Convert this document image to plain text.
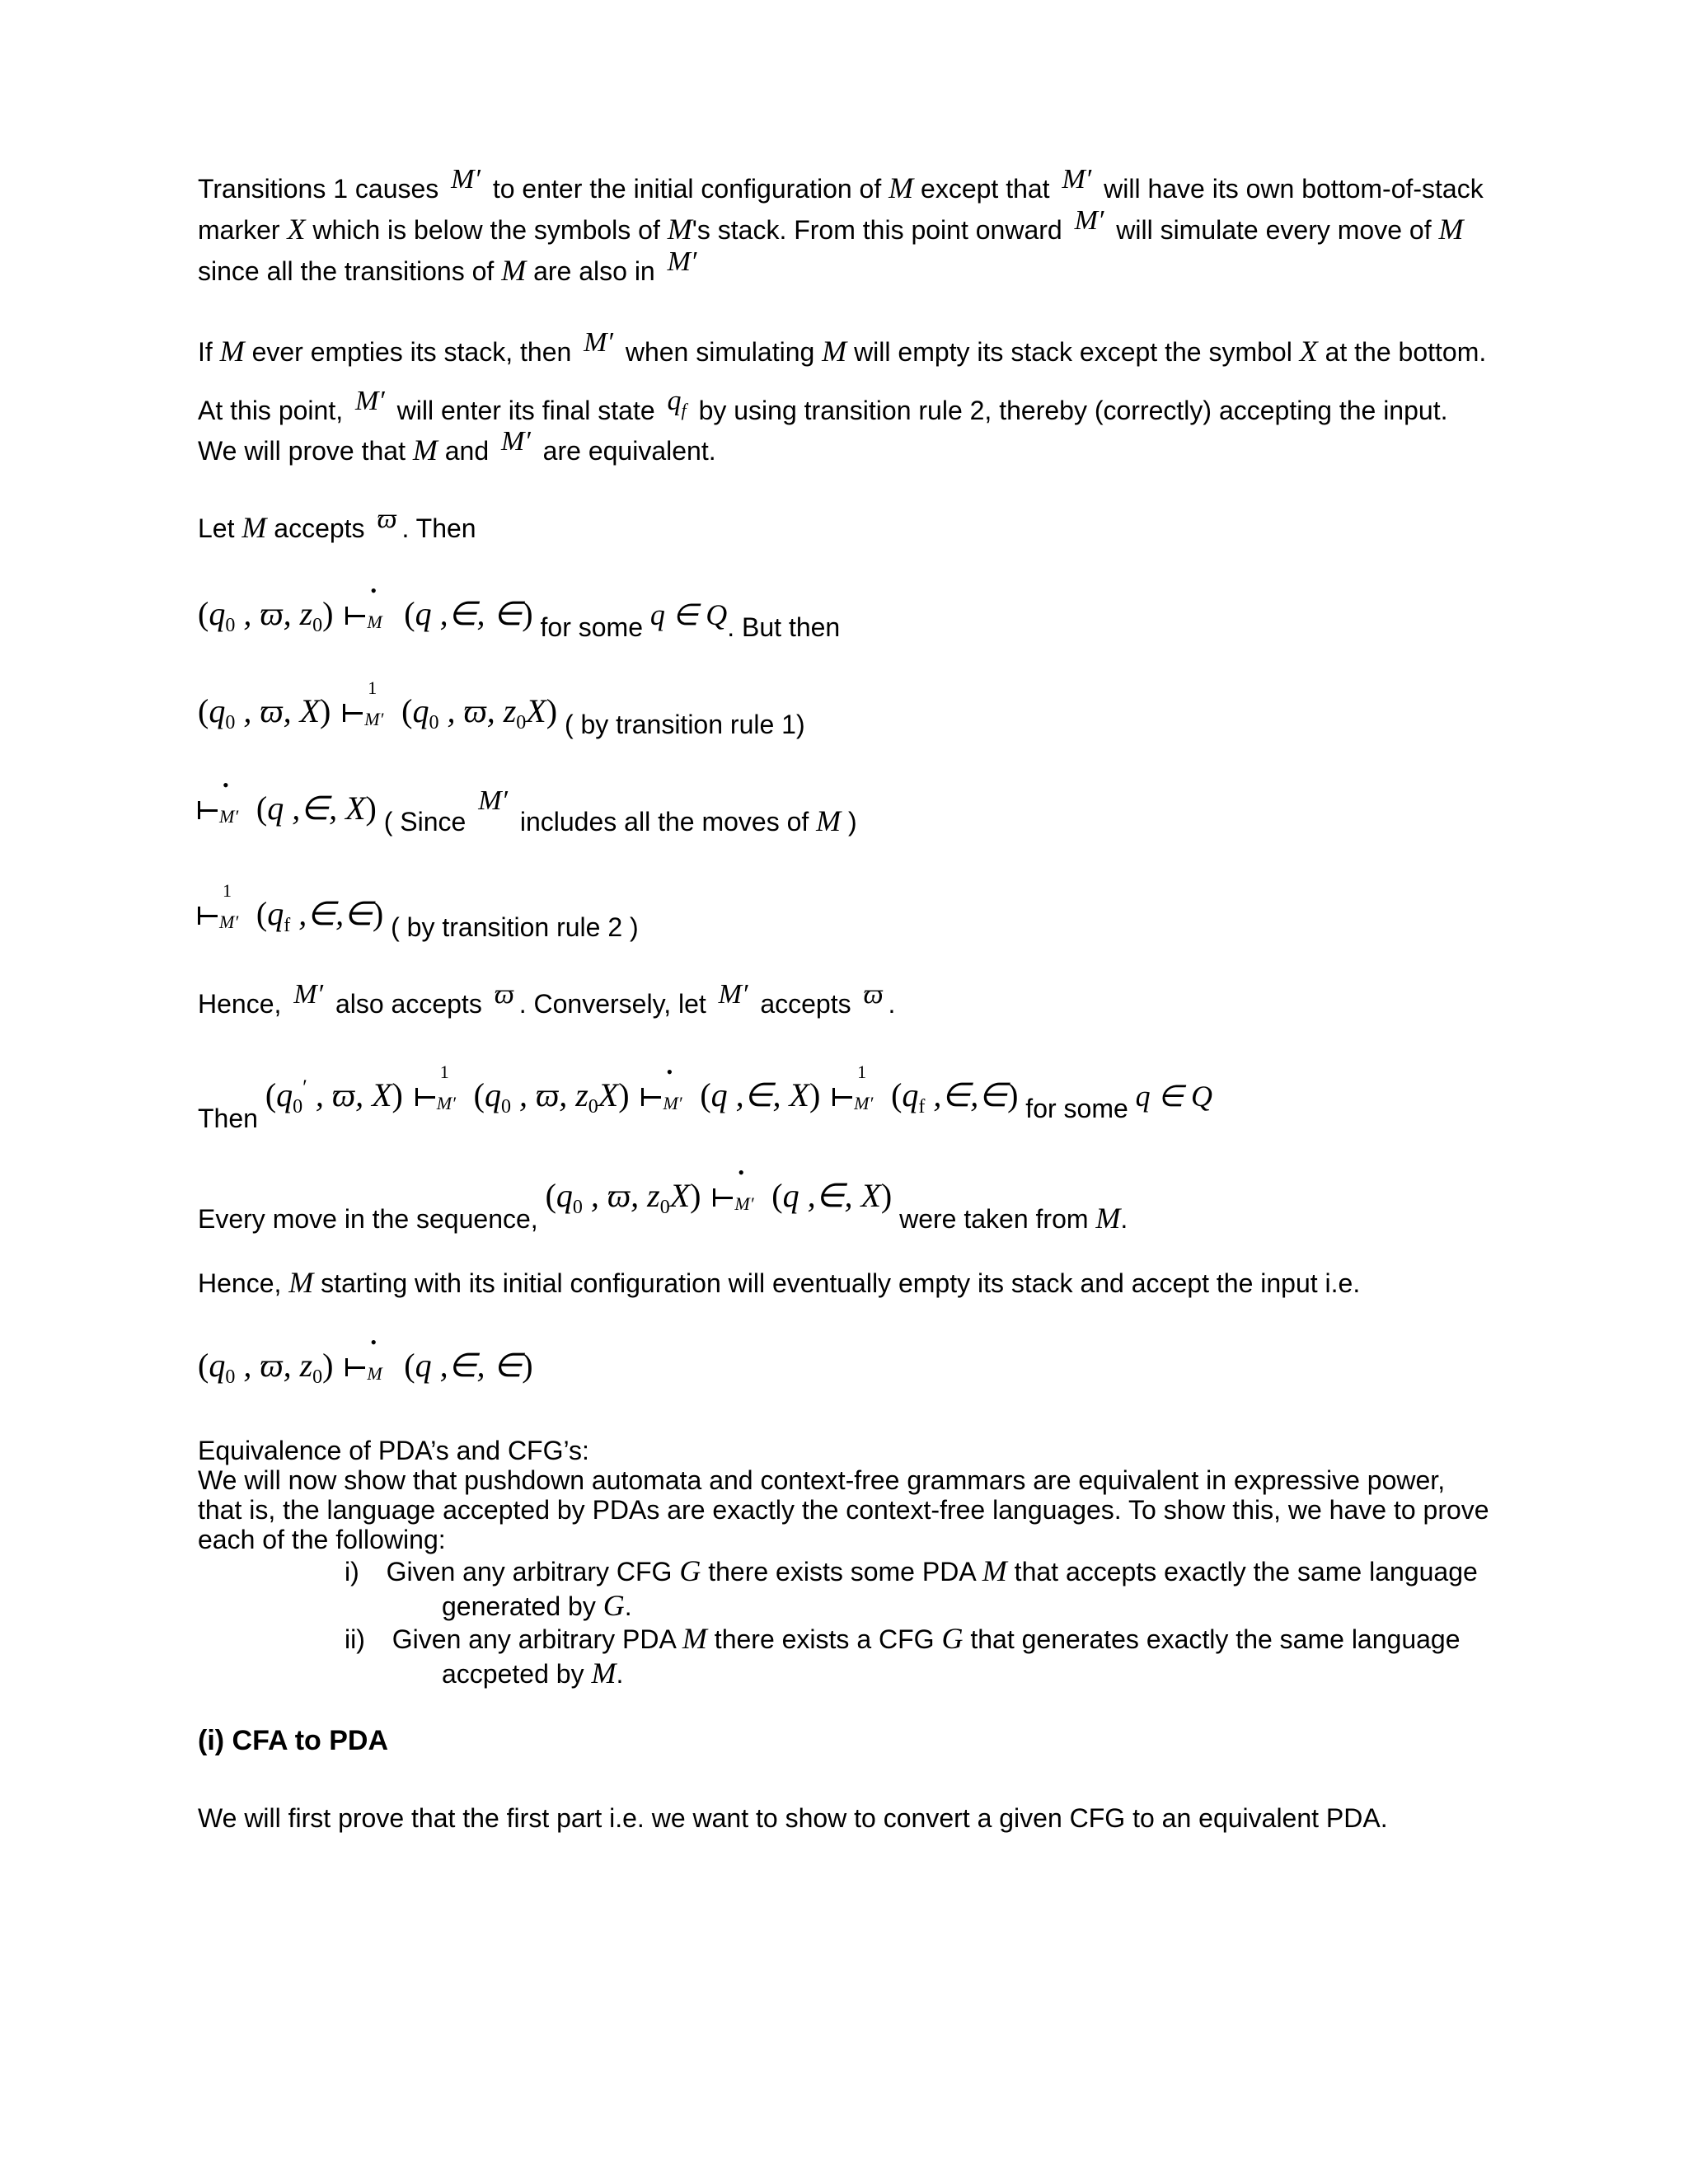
Transitions 1 causes M′ to enter the initial configuration of M except that M′ will have its own bottom-of-stack
marker X which is below the symbols of M's stack. From this point onward M′ will simulate every move of M
since all the transitions of M are also in M′
If M ever empties its stack, then M′ when simulating M will empty its stack except the symbol X at the bottom.
At this point, M′ will enter its final state $q_f$ by using transition rule 2, thereby (correctly) accepting the input.
We will prove that M and M′ are equivalent.
Let M accepts ϖ . Then
($q_0$ , ϖ, $z_0$)
•
M (q ,∈, ∈) for some q ∈ Q. But then
($q_0$ , ϖ, X)
1
M′ ($q_0$ , ϖ, $z_0X$) ( by transition rule 1)
•
M′ (q ,∈, X) ( Since M′ includes all the moves of M )
1
M′ ($q_f$ ,∈,∈) ( by transition rule 2 )
Hence, M′ also accepts ϖ . Conversely, let M′ accepts ϖ .
Then ($q_0'$ , ϖ, X)
1
M′ ($q_0$ , ϖ, $z_0X$)
•
M′ (q ,∈, X)
1
M′ ($q_f$ ,∈,∈) for some q ∈ Q
Every move in the sequence, ($q_0$ , ϖ, $z_0X$)
•
M′ (q ,∈, X) were taken from M.
Hence, M starting with its initial configuration will eventually empty its stack and accept the input i.e.
($q_0$ , ϖ, $z_0$)
•
M (q ,∈, ∈)
Equivalence of PDA’s and CFG’s:
We will now show that pushdown automata and context-free grammars are equivalent in expressive power,
that is, the language accepted by PDAs are exactly the context-free languages. To show this, we have to prove
each of the following:
i) Given any arbitrary CFG G there exists some PDA M that accepts exactly the same language
generated by G.
ii) Given any arbitrary PDA M there exists a CFG G that generates exactly the same language
accpeted by M.
(i) CFA to PDA
We will first prove that the first part i.e. we want to show to convert a given CFG to an equivalent PDA.
